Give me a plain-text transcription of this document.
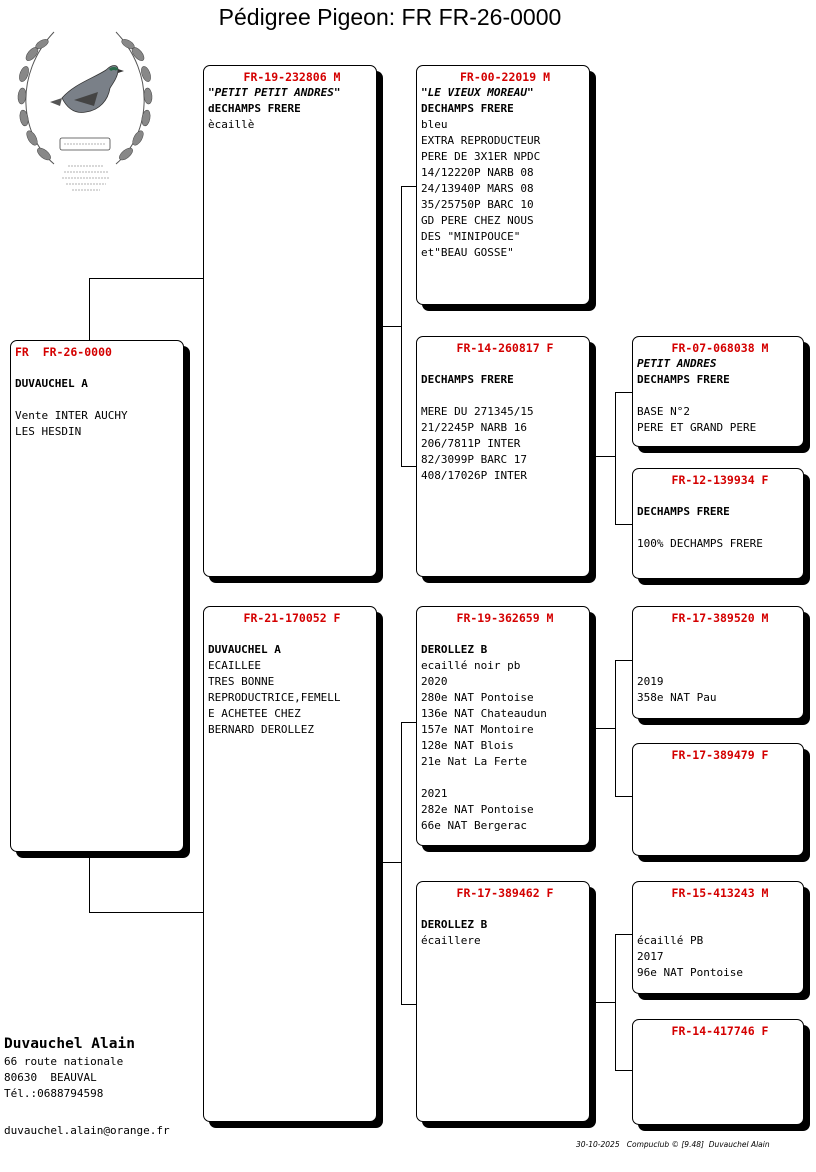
Pédigree Pigeon: FR FR-26-0000
FR  FR-26-0000
DUVAUCHEL A
Vente INTER AUCHY
LES HESDIN
FR-19-232806 M
"PETIT PETIT ANDRES"
dECHAMPS FRERE
ècaillè
FR-21-170052 F
DUVAUCHEL A
ECAILLEE
TRES BONNE
REPRODUCTRICE,FEMELL
E ACHETEE CHEZ
BERNARD DEROLLEZ
FR-00-22019 M
"LE VIEUX MOREAU"
DECHAMPS FRERE
bleu
EXTRA REPRODUCTEUR
PERE DE 3X1ER NPDC
14/12220P NARB 08
24/13940P MARS 08
35/25750P BARC 10
GD PERE CHEZ NOUS
DES "MINIPOUCE"
et"BEAU GOSSE"
FR-14-260817 F
DECHAMPS FRERE
MERE DU 271345/15
21/2245P NARB 16
206/7811P INTER
82/3099P BARC 17
408/17026P INTER
FR-19-362659 M
DEROLLEZ B
ecaillé noir pb
2020
280e NAT Pontoise
136e NAT Chateaudun
157e NAT Montoire
128e NAT Blois
21e Nat La Ferte
2021
282e NAT Pontoise
66e NAT Bergerac
FR-17-389462 F
DEROLLEZ B
écaillere
FR-07-068038 M
PETIT ANDRES
DECHAMPS FRERE
BASE N°2
PERE ET GRAND PERE
FR-12-139934 F
DECHAMPS FRERE
100% DECHAMPS FRERE
FR-17-389520 M
2019
358e NAT Pau
FR-17-389479 F
FR-15-413243 M
écaillé PB
2017
96e NAT Pontoise
FR-14-417746 F
Duvauchel Alain
66 route nationale
80630  BEAUVAL
Tél.:0688794598
duvauchel.alain@orange.fr
30-10-2025   Compuclub © [9.48]  Duvauchel Alain
